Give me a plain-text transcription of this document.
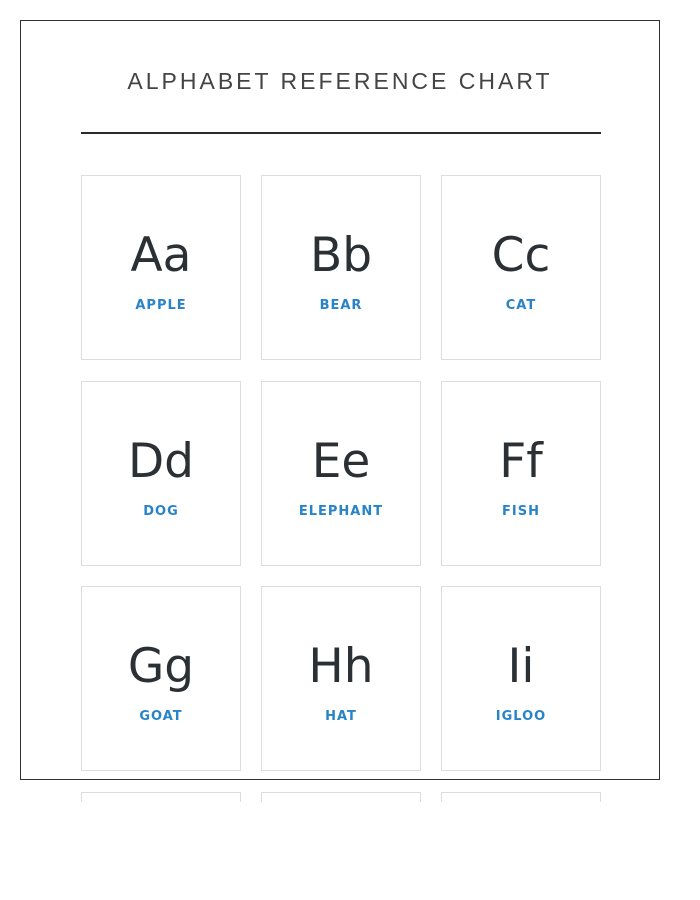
ALPHABET REFERENCE CHART
Aa
APPLE
Bb
BEAR
Cc
CAT
Dd
DOG
Ee
ELEPHANT
Ff
FISH
Gg
GOAT
Hh
HAT
Ii
IGLOO
